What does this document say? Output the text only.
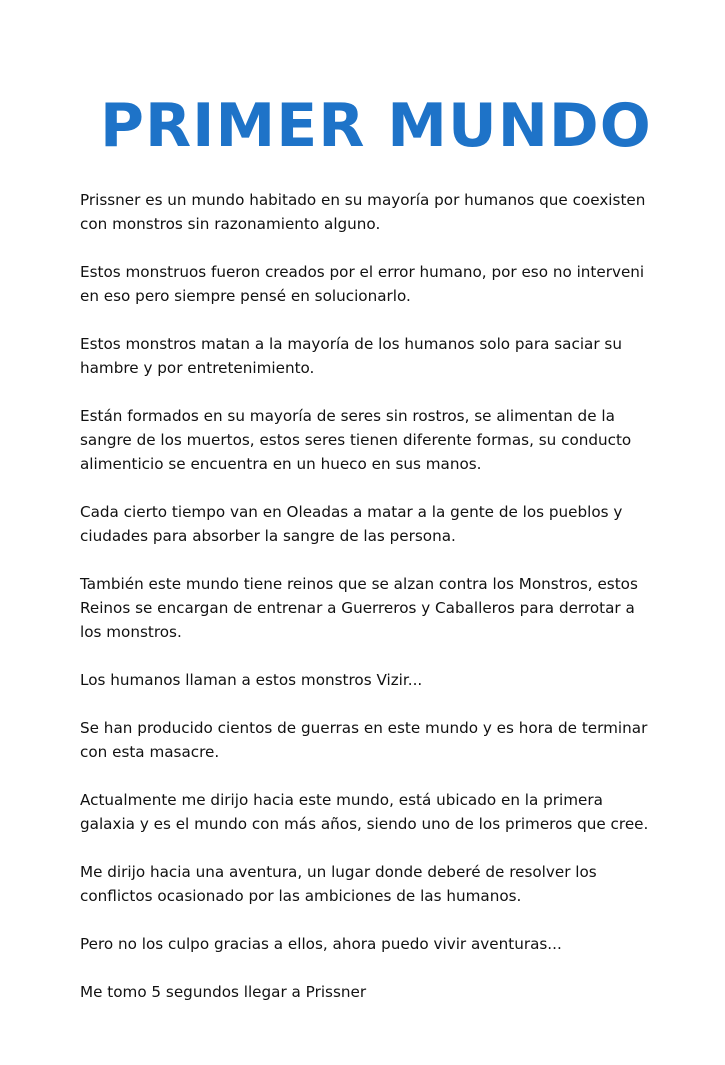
PRIMER MUNDO

Prissner es un mundo habitado en su mayoría por humanos que coexisten con monstros sin razonamiento alguno.

Estos monstruos fueron creados por el error humano, por eso no interveni en eso pero siempre pensé en solucionarlo.

Estos monstros matan a la mayoría de los humanos solo para saciar su hambre y por entretenimiento.

Están formados en su mayoría de seres sin rostros, se alimentan de la sangre de los muertos, estos seres tienen diferente formas, su conducto alimenticio se encuentra en un hueco en sus manos.

Cada cierto tiempo van en Oleadas a matar a la gente de los pueblos y ciudades para absorber la sangre de las persona.

También este mundo tiene reinos que se alzan contra los Monstros, estos Reinos se encargan de entrenar a Guerreros y Caballeros para derrotar a los monstros.

Los humanos llaman a estos monstros Vizir...

Se han producido cientos de guerras en este mundo y es hora de terminar con esta masacre.

Actualmente me dirijo hacia este mundo, está ubicado en la primera galaxia y es el mundo con más años, siendo uno de los primeros que cree.

Me dirijo hacia una aventura, un lugar donde deberé de resolver los conflictos ocasionado por las ambiciones de las humanos.

Pero no los culpo gracias a ellos, ahora puedo vivir aventuras...

Me tomo 5 segundos llegar a Prissner
